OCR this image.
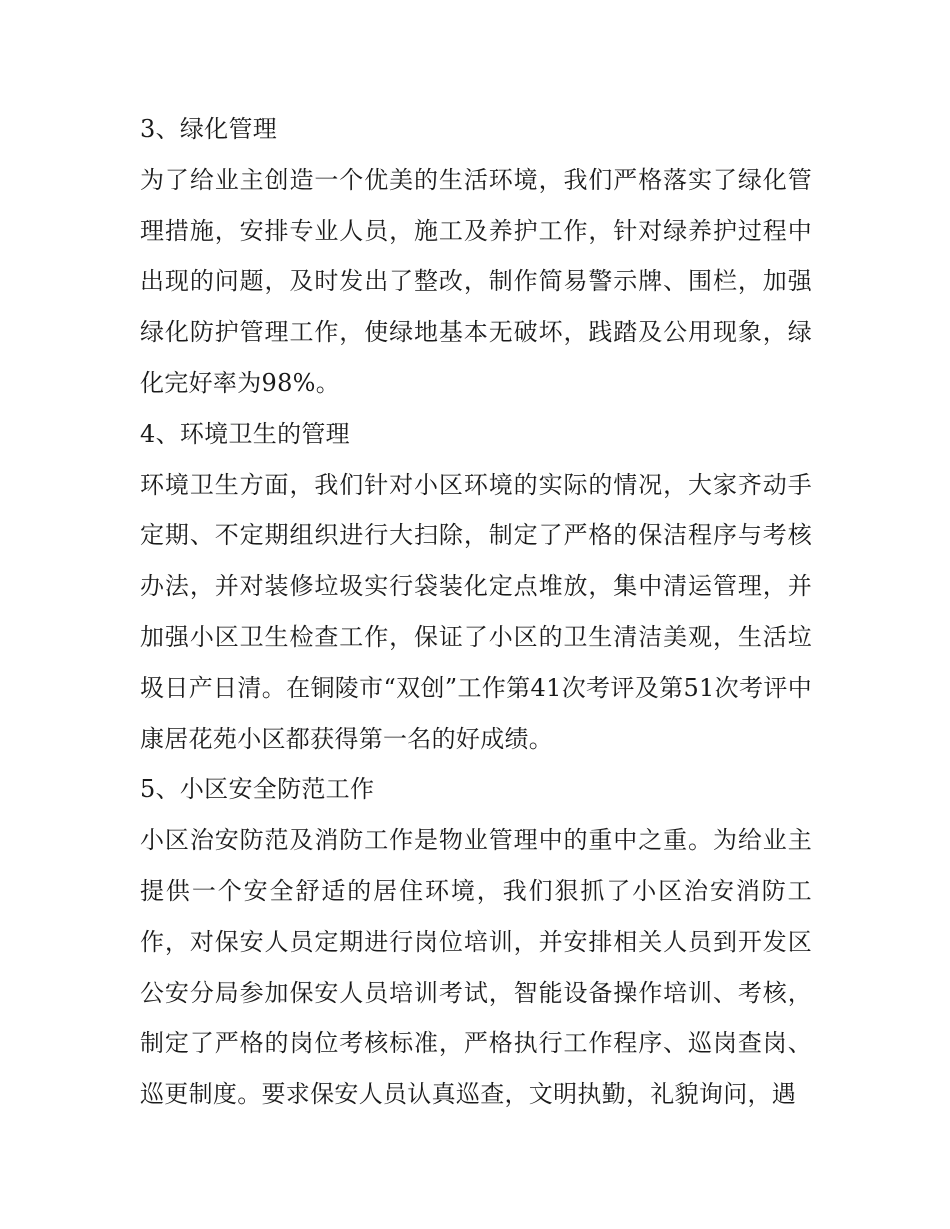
3、绿化管理

为了给业主创造一个优美的生活环境，我们严格落实了绿化管理措施，安排专业人员，施工及养护工作，针对绿养护过程中出现的问题，及时发出了整改，制作简易警示牌、围栏，加强绿化防护管理工作，使绿地基本无破坏，践踏及公用现象，绿化完好率为98%。

4、环境卫生的管理

环境卫生方面，我们针对小区环境的实际的情况，大家齐动手定期、不定期组织进行大扫除，制定了严格的保洁程序与考核办法，并对装修垃圾实行袋装化定点堆放，集中清运管理，并加强小区卫生检查工作，保证了小区的卫生清洁美观，生活垃圾日产日清。在铜陵市“双创”工作第41次考评及第51次考评中康居花苑小区都获得第一名的好成绩。

5、小区安全防范工作

小区治安防范及消防工作是物业管理中的重中之重。为给业主提供一个安全舒适的居住环境，我们狠抓了小区治安消防工作，对保安人员定期进行岗位培训，并安排相关人员到开发区公安分局参加保安人员培训考试，智能设备操作培训、考核，制定了严格的岗位考核标准，严格执行工作程序、巡岗查岗、巡更制度。要求保安人员认真巡查，文明执勤，礼貌询问，遇
